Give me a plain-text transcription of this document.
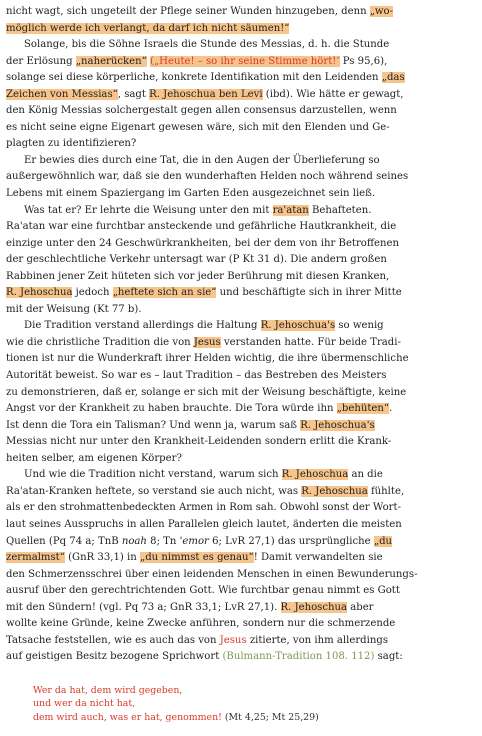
nicht wagt, sich ungeteilt der Pflege seiner Wunden hinzugeben, denn „wo-
möglich werde ich verlangt, da darf ich nicht säumen!“
Solange, bis die Söhne Israels die Stunde des Messias, d. h. die Stunde
der Erlösung „naherücken“ („Heute! – so ihr seine Stimme hört!‘ Ps 95,6),
solange sei diese körperliche, konkrete Identifikation mit den Leidenden „das
Zeichen von Messias“, sagt R. Jehoschua ben Levi (ibd). Wie hätte er gewagt,
den König Messias solchergestalt gegen allen consensus darzustellen, wenn
es nicht seine eigne Eigenart gewesen wäre, sich mit den Elenden und Ge-
plagten zu identifizieren?
Er bewies dies durch eine Tat, die in den Augen der Überlieferung so
außergewöhnlich war, daß sie den wunderhaften Helden noch während seines
Lebens mit einem Spaziergang im Garten Eden ausgezeichnet sein ließ.
Was tat er? Er lehrte die Weisung unter den mit ra'atan Behafteten.
Ra'atan war eine furchtbar ansteckende und gefährliche Hautkrankheit, die
einzige unter den 24 Geschwürkrankheiten, bei der dem von ihr Betroffenen
der geschlechtliche Verkehr untersagt war (P Kt 31 d). Die andern großen
Rabbinen jener Zeit hüteten sich vor jeder Berührung mit diesen Kranken,
R. Jehoschua jedoch „heftete sich an sie“ und beschäftigte sich in ihrer Mitte
mit der Weisung (Kt 77 b).
Die Tradition verstand allerdings die Haltung R. Jehoschua's so wenig
wie die christliche Tradition die von Jesus verstanden hatte. Für beide Tradi-
tionen ist nur die Wunderkraft ihrer Helden wichtig, die ihre übermenschliche
Autorität beweist. So war es – laut Tradition – das Bestreben des Meisters
zu demonstrieren, daß er, solange er sich mit der Weisung beschäftigte, keine
Angst vor der Krankheit zu haben brauchte. Die Tora würde ihn „behüten“.
Ist denn die Tora ein Talisman? Und wenn ja, warum saß R. Jehoschua's
Messias nicht nur unter den Krankheit-Leidenden sondern erlitt die Krank-
heiten selber, am eigenen Körper?
Und wie die Tradition nicht verstand, warum sich R. Jehoschua an die
Ra'atan-Kranken heftete, so verstand sie auch nicht, was R. Jehoschua fühlte,
als er den strohmattenbedeckten Armen in Rom sah. Obwohl sonst der Wort-
laut seines Ausspruchs in allen Parallelen gleich lautet, änderten die meisten
Quellen (Pq 74 a; TnB noah 8; Tn 'emor 6; LvR 27,1) das ursprüngliche „du
zermalmst“ (GnR 33,1) in „du nimmst es genau“! Damit verwandelten sie
den Schmerzensschrei über einen leidenden Menschen in einen Bewunderungs-
ausruf über den gerechtrichtenden Gott. Wie furchtbar genau nimmt es Gott
mit den Sündern! (vgl. Pq 73 a; GnR 33,1; LvR 27,1). R. Jehoschua aber
wollte keine Gründe, keine Zwecke anführen, sondern nur die schmerzende
Tatsache feststellen, wie es auch das von Jesus zitierte, von ihm allerdings
auf geistigen Besitz bezogene Sprichwort (Bulmann-Tradition 108. 112) sagt:
Wer da hat, dem wird gegeben,
und wer da nicht hat,
dem wird auch, was er hat, genommen! (Mt 4,25; Mt 25,29)
